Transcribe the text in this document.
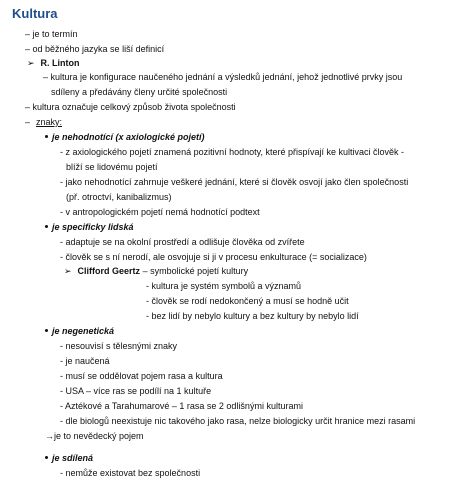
Kultura
– je to termín
– od běžného jazyka se liší definicí
➢ R. Linton
– kultura je konfigurace naučeného jednání a výsledků jednání, jehož jednotlivé prvky jsou
sdíleny a předávány členy určité společnosti
– kultura označuje celkový způsob života společnosti
– znaky:
je nehodnotící (x axiologické pojetí)
- z axiologického pojetí znamená pozitivní hodnoty, které přispívají ke kultivaci člověk -
blíží se lidovému pojetí
- jako nehodnotící zahrnuje veškeré jednání, které si člověk osvojí jako člen společnosti
(př. otroctví, kanibalizmus)
- v antropologickém pojetí nemá hodnotící podtext
je specificky lidská
- adaptuje se na okolní prostředí a odlišuje člověka od zvířete
- člověk se s ní nerodí, ale osvojuje si ji v procesu enkulturace (= socializace)
➢ Clifford Geertz – symbolické pojetí kultury
- kultura je systém symbolů a významů
- člověk se rodí nedokončený a musí se hodně učit
- bez lidí by nebylo kultury a bez kultury by nebylo lidí
je negenetická
- nesouvisí s tělesnými znaky
- je naučená
- musí se oddělovat pojem rasa a kultura
- USA – více ras se podílí na 1 kultuře
- Aztékové a Tarahumarové – 1 rasa se 2 odlišnými kulturami
- dle biologů neexistuje nic takového jako rasa, nelze biologicky určit hranice mezi rasami
→je to nevědecký pojem
je sdílená
- nemůže existovat bez společnosti
